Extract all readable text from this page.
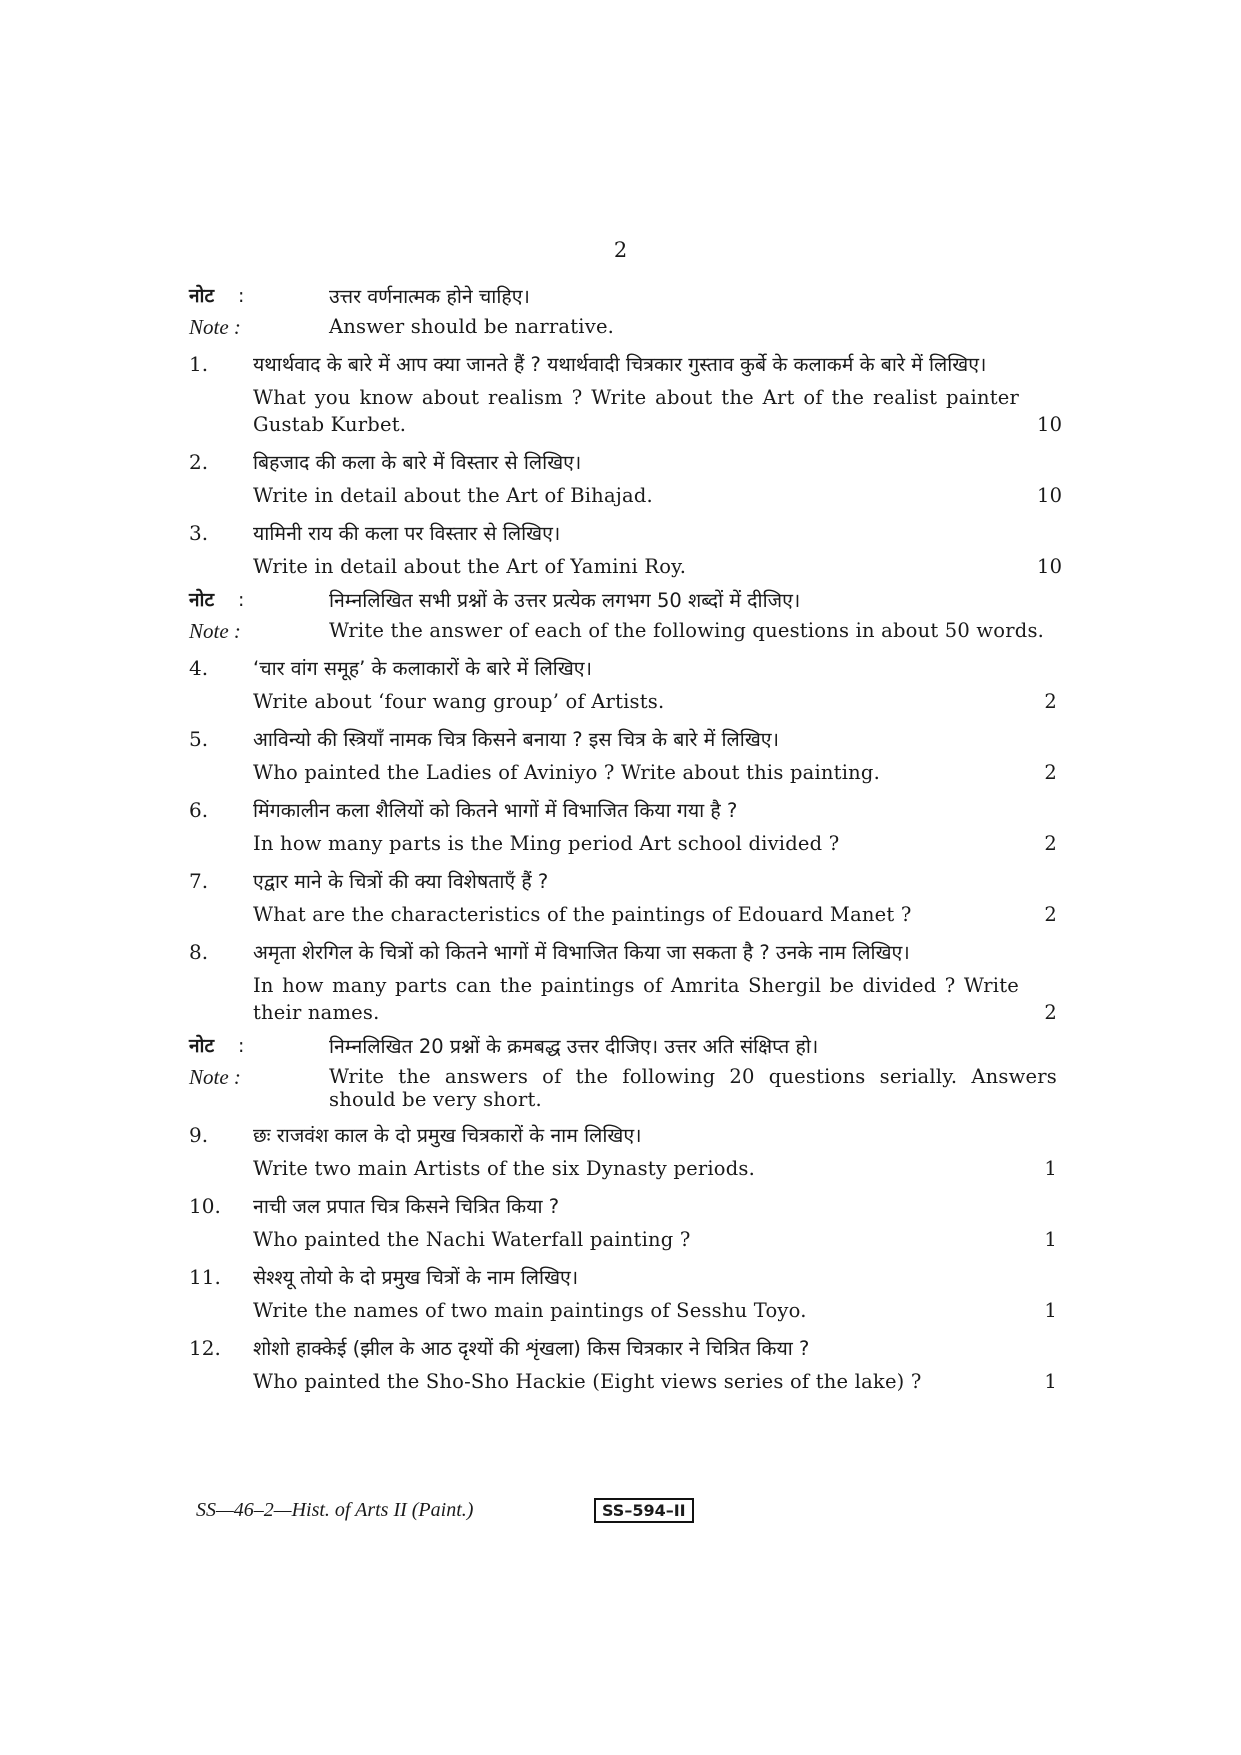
2
नोट :	उत्तर वर्णनात्मक होने चाहिए।
Note :	Answer should be narrative.
1.	यथार्थवाद के बारे में आप क्या जानते हैं ? यथार्थवादी चित्रकार गुस्ताव कुर्बे के कलाकर्म के बारे में लिखिए।
What you know about realism ? Write about the Art of the realist painter Gustab Kurbet.	10
2.	बिहजाद की कला के बारे में विस्तार से लिखिए।
Write in detail about the Art of Bihajad.	10
3.	यामिनी राय की कला पर विस्तार से लिखिए।
Write in detail about the Art of Yamini Roy.	10
नोट :	निम्नलिखित सभी प्रश्नों के उत्तर प्रत्येक लगभग 50 शब्दों में दीजिए।
Note :	Write the answer of each of the following questions in about 50 words.
4.	‘चार वांग समूह’ के कलाकारों के बारे में लिखिए।
Write about ‘four wang group’ of Artists.	2
5.	आविन्यो की स्त्रियाँ नामक चित्र किसने बनाया ? इस चित्र के बारे में लिखिए।
Who painted the Ladies of Aviniyo ? Write about this painting.	2
6.	मिंगकालीन कला शैलियों को कितने भागों में विभाजित किया गया है ?
In how many parts is the Ming period Art school divided ?	2
7.	एद्वार माने के चित्रों की क्या विशेषताएँ हैं ?
What are the characteristics of the paintings of Edouard Manet ?	2
8.	अमृता शेरगिल के चित्रों को कितने भागों में विभाजित किया जा सकता है ? उनके नाम लिखिए।
In how many parts can the paintings of Amrita Shergil be divided ? Write their names.	2
नोट :	निम्नलिखित 20 प्रश्नों के क्रमबद्ध उत्तर दीजिए। उत्तर अति संक्षिप्त हो।
Note :	Write the answers of the following 20 questions serially. Answers should be very short.
9.	छः राजवंश काल के दो प्रमुख चित्रकारों के नाम लिखिए।
Write two main Artists of the six Dynasty periods.	1
10.	नाची जल प्रपात चित्र किसने चित्रित किया ?
Who painted the Nachi Waterfall painting ?	1
11.	सेश्श्यू तोयो के दो प्रमुख चित्रों के नाम लिखिए।
Write the names of two main paintings of Sesshu Toyo.	1
12.	शोशो हाक्केई (झील के आठ दृश्यों की शृंखला) किस चित्रकार ने चित्रित किया ?
Who painted the Sho-Sho Hackie (Eight views series of the lake) ?	1
SS—46–2—Hist. of Arts II (Paint.)	SS–594–II
